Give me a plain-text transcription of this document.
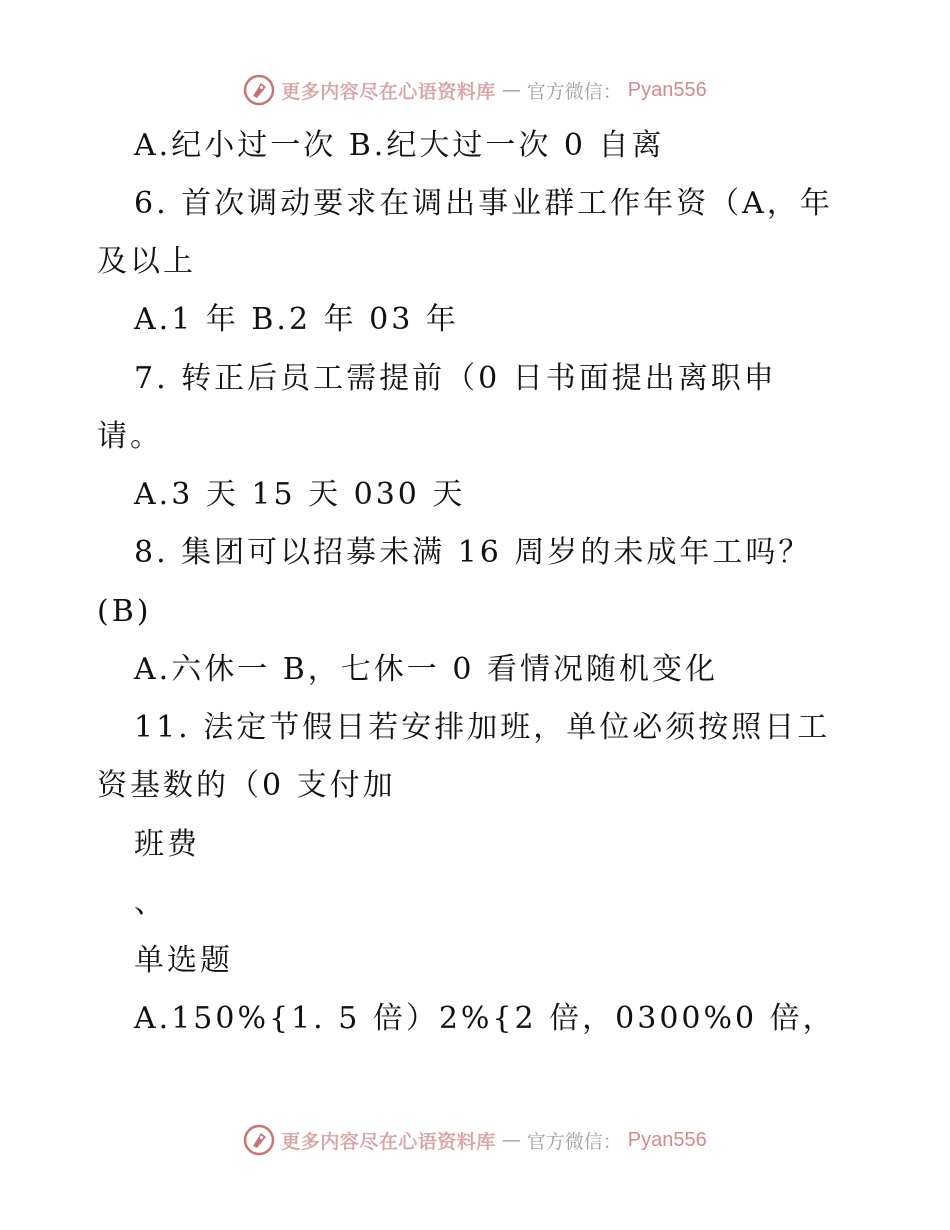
更多内容尽在心语资料库 — 官方微信： Pyan556
A.纪小过一次 B.纪大过一次 0 自离
6. 首次调动要求在调出事业群工作年资（A，年
及以上
A.1 年 B.2 年 03 年
7. 转正后员工需提前（0 日书面提出离职申
请。
A.3 天 15 天 030 天
8. 集团可以招募未满 16 周岁的未成年工吗？
(B)
A.六休一 B，七休一 0 看情况随机变化
11. 法定节假日若安排加班，单位必须按照日工
资基数的（0 支付加
班费
、
单选题
A.150%{1. 5 倍）2%{2 倍，0300%0 倍，
更多内容尽在心语资料库 — 官方微信： Pyan556
